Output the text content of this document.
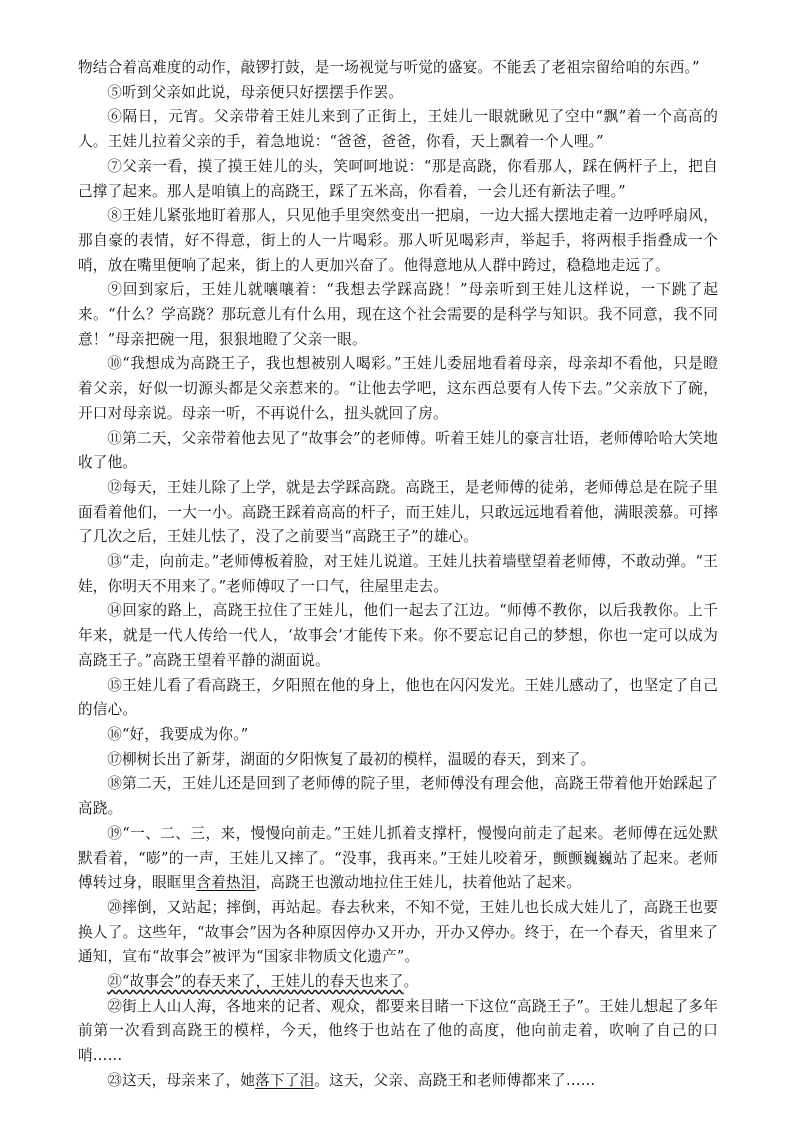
物结合着高难度的动作，敲锣打鼓，是一场视觉与听觉的盛宴。不能丢了老祖宗留给咱的东西。”

⑤听到父亲如此说，母亲便只好摆摆手作罢。

⑥隔日，元宵。父亲带着王娃儿来到了正街上，王娃儿一眼就瞅见了空中“飘”着一个高高的人。王娃儿拉着父亲的手，着急地说：“爸爸，爸爸，你看，天上飘着一个人哩。”

⑦父亲一看，摸了摸王娃儿的头，笑呵呵地说：“那是高跷，你看那人，踩在俩杆子上，把自己撑了起来。那人是咱镇上的高跷王，踩了五米高，你看着，一会儿还有新法子哩。”

⑧王娃儿紧张地盯着那人，只见他手里突然变出一把扇，一边大摇大摆地走着一边呼呼扇风，那自豪的表情，好不得意，街上的人一片喝彩。那人听见喝彩声，举起手，将两根手指叠成一个哨，放在嘴里便响了起来，街上的人更加兴奋了。他得意地从人群中跨过，稳稳地走远了。

⑨回到家后，王娃儿就嚷嚷着：“我想去学踩高跷！”母亲听到王娃儿这样说，一下跳了起来。“什么？学高跷？那玩意儿有什么用，现在这个社会需要的是科学与知识。我不同意，我不同意！”母亲把碗一甩，狠狠地瞪了父亲一眼。

⑩“我想成为高跷王子，我也想被别人喝彩。”王娃儿委屈地看着母亲，母亲却不看他，只是瞪着父亲，好似一切源头都是父亲惹来的。“让他去学吧，这东西总要有人传下去。”父亲放下了碗，开口对母亲说。母亲一听，不再说什么，扭头就回了房。

⑪第二天，父亲带着他去见了“故事会”的老师傅。听着王娃儿的豪言壮语，老师傅哈哈大笑地收了他。

⑫每天，王娃儿除了上学，就是去学踩高跷。高跷王，是老师傅的徒弟，老师傅总是在院子里面看着他们，一大一小。高跷王踩着高高的杆子，而王娃儿，只敢远远地看着他，满眼羡慕。可摔了几次之后，王娃儿怯了，没了之前要当“高跷王子”的雄心。

⑬“走，向前走。”老师傅板着脸，对王娃儿说道。王娃儿扶着墙壁望着老师傅，不敢动弹。“王娃，你明天不用来了。”老师傅叹了一口气，往屋里走去。

⑭回家的路上，高跷王拉住了王娃儿，他们一起去了江边。“师傅不教你，以后我教你。上千年来，就是一代人传给一代人，‘故事会’才能传下来。你不要忘记自己的梦想，你也一定可以成为高跷王子。”高跷王望着平静的湖面说。

⑮王娃儿看了看高跷王，夕阳照在他的身上，他也在闪闪发光。王娃儿感动了，也坚定了自己的信心。

⑯“好，我要成为你。”

⑰柳树长出了新芽，湖面的夕阳恢复了最初的模样，温暖的春天，到来了。

⑱第二天，王娃儿还是回到了老师傅的院子里，老师傅没有理会他，高跷王带着他开始踩起了高跷。

⑲“一、二、三，来，慢慢向前走。”王娃儿抓着支撑杆，慢慢向前走了起来。老师傅在远处默默看着，“嘭”的一声，王娃儿又摔了。“没事，我再来。”王娃儿咬着牙，颤颤巍巍站了起来。老师傅转过身，眼眶里含着热泪，高跷王也激动地拉住王娃儿，扶着他站了起来。

⑳摔倒，又站起；摔倒，再站起。春去秋来，不知不觉，王娃儿也长成大娃儿了，高跷王也要换人了。这些年，“故事会”因为各种原因停办又开办，开办又停办。终于，在一个春天，省里来了通知，宣布“故事会”被评为“国家非物质文化遗产”。

㉑“故事会”的春天来了，王娃儿的春天也来了。

㉒街上人山人海，各地来的记者、观众，都要来目睹一下这位“高跷王子”。王娃儿想起了多年前第一次看到高跷王的模样，今天，他终于也站在了他的高度，他向前走着，吹响了自己的口哨……

㉓这天，母亲来了，她落下了泪。这天，父亲、高跷王和老师傅都来了……
